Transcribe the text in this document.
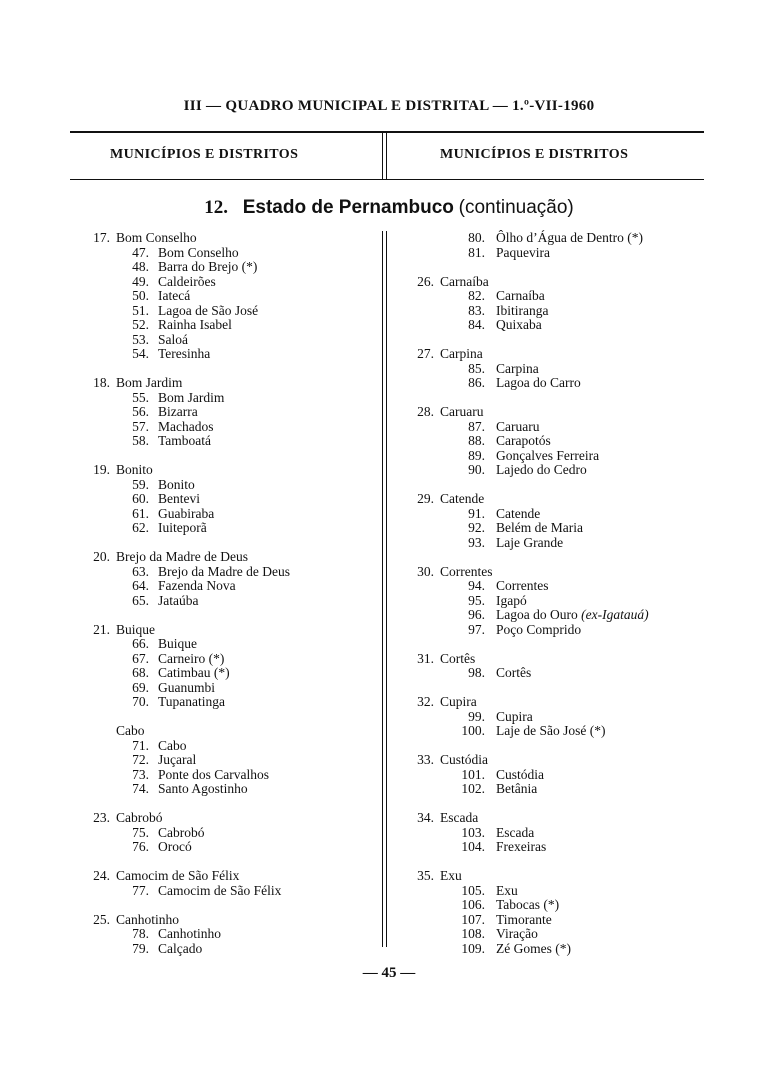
III — QUADRO MUNICIPAL E DISTRITAL — 1.º-VII-1960
MUNICÍPIOS E DISTRITOS	MUNICÍPIOS E DISTRITOS
12. Estado de Pernambuco (continuação)
17. Bom Conselho
47. Bom Conselho
48. Barra do Brejo (*)
49. Caldeirões
50. Iatecá
51. Lagoa de São José
52. Rainha Isabel
53. Saloá
54. Teresinha
18. Bom Jardim
55. Bom Jardim
56. Bizarra
57. Machados
58. Tamboatá
19. Bonito
59. Bonito
60. Bentevi
61. Guabiraba
62. Iuiteporã
20. Brejo da Madre de Deus
63. Brejo da Madre de Deus
64. Fazenda Nova
65. Jataúba
21. Buique
66. Buique
67. Carneiro (*)
68. Catimbau (*)
69. Guanumbi
70. Tupanatinga
Cabo
71. Cabo
72. Juçaral
73. Ponte dos Carvalhos
74. Santo Agostinho
23. Cabrobó
75. Cabrobó
76. Orocó
24. Camocim de São Félix
77. Camocim de São Félix
25. Canhotinho
78. Canhotinho
79. Calçado
80. Ôlho d’Água de Dentro (*)
81. Paquevira
26. Carnaíba
82. Carnaíba
83. Ibitiranga
84. Quixaba
27. Carpina
85. Carpina
86. Lagoa do Carro
28. Caruaru
87. Caruaru
88. Carapotós
89. Gonçalves Ferreira
90. Lajedo do Cedro
29. Catende
91. Catende
92. Belém de Maria
93. Laje Grande
30. Correntes
94. Correntes
95. Igapó
96. Lagoa do Ouro (ex-Igatauá)
97. Poço Comprido
31. Cortês
98. Cortês
32. Cupira
99. Cupira
100. Laje de São José (*)
33. Custódia
101. Custódia
102. Betânia
34. Escada
103. Escada
104. Frexeiras
35. Exu
105. Exu
106. Tabocas (*)
107. Timorante
108. Viração
109. Zé Gomes (*)
— 45 —
